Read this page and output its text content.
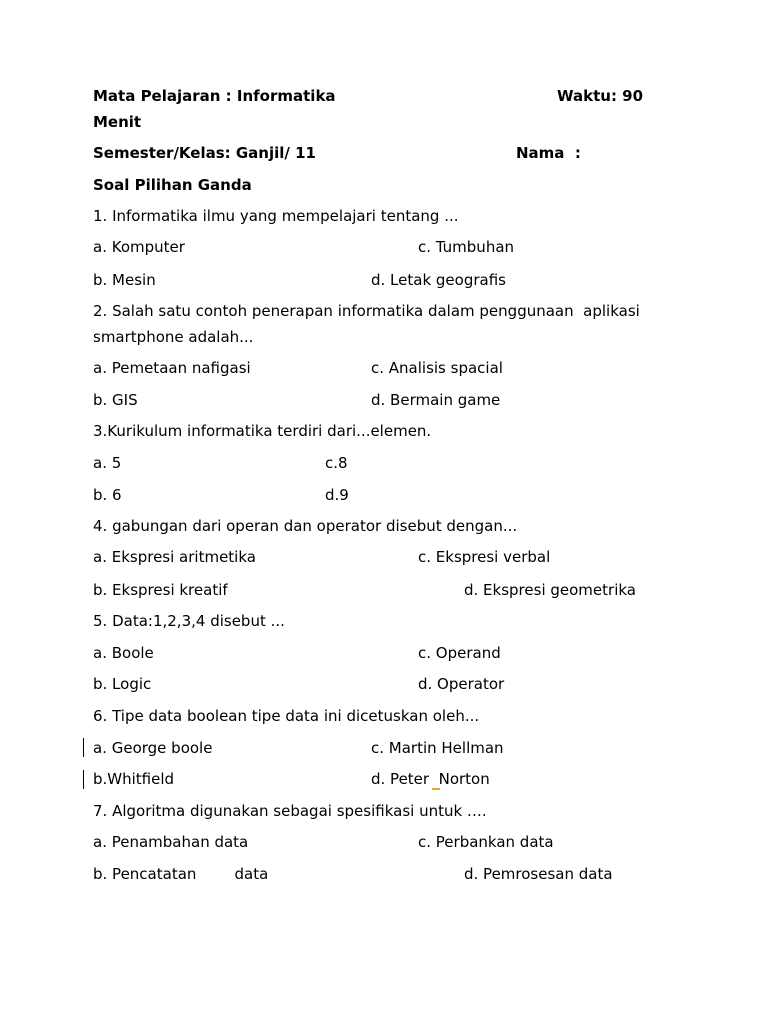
Mata Pelajaran : Informatika	Waktu: 90
Menit
Semester/Kelas: Ganjil/ 11	Nama  :
Soal Pilihan Ganda
1. Informatika ilmu yang mempelajari tentang ...
a. Komputer	c. Tumbuhan
b. Mesin	d. Letak geografis
2. Salah satu contoh penerapan informatika dalam penggunaan  aplikasi
smartphone adalah...
a. Pemetaan nafigasi	c. Analisis spacial
b. GIS	d. Bermain game
3.Kurikulum informatika terdiri dari...elemen.
a. 5	c.8
b. 6	d.9
4. gabungan dari operan dan operator disebut dengan...
a. Ekspresi aritmetika	c. Ekspresi verbal
b. Ekspresi kreatif	d. Ekspresi geometrika
5. Data:1,2,3,4 disebut ...
a. Boole	c. Operand
b. Logic	d. Operator
6. Tipe data boolean tipe data ini dicetuskan oleh...
a. George boole	c. Martin Hellman
b.Whitfield	d. Peter  Norton
7. Algoritma digunakan sebagai spesifikasi untuk ….
a. Penambahan data	c. Perbankan data
b. Pencatatan        data	d. Pemrosesan data
